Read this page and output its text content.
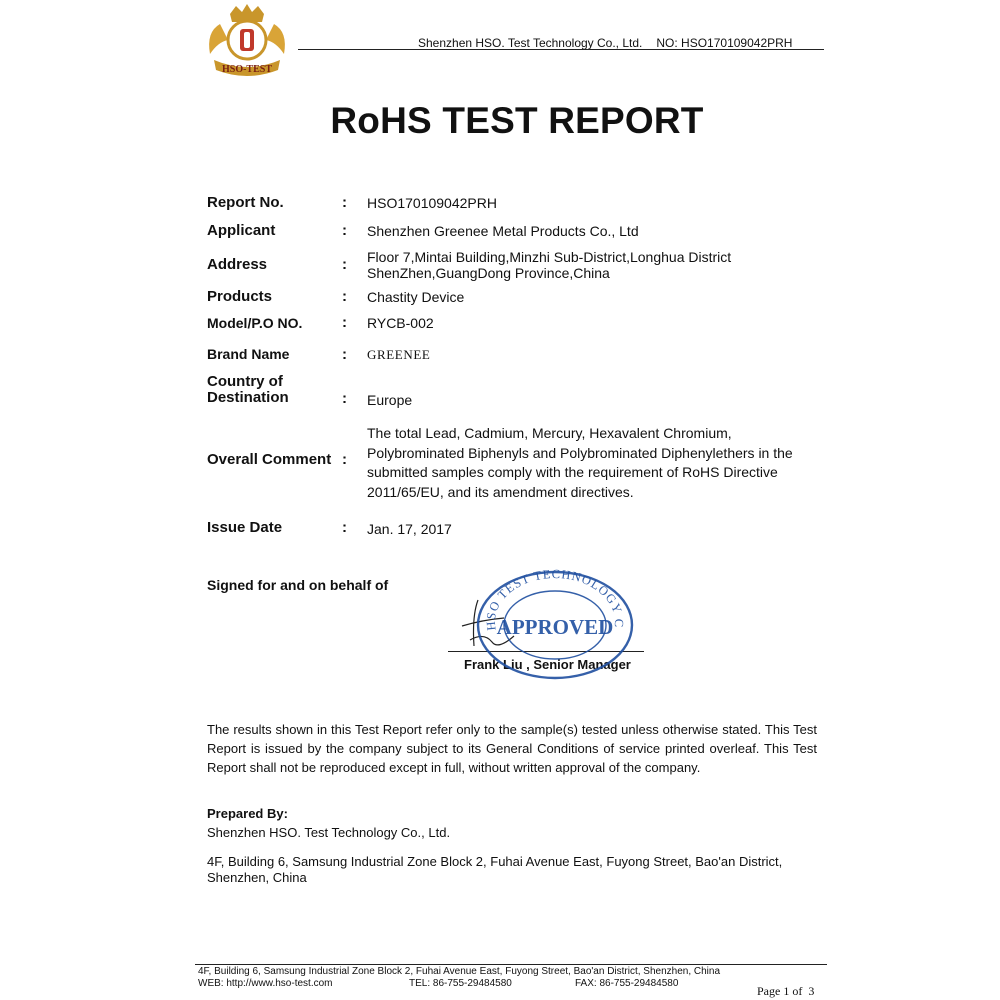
HSO-TEST
Shenzhen HSO. Test Technology Co., Ltd. NO: HSO170109042PRH
RoHS TEST REPORT
Report No.	: HSO170109042PRH
Applicant	: Shenzhen Greenee Metal Products Co., Ltd
Address	: Floor 7,Mintai Building,Minzhi Sub-District,Longhua District
ShenZhen,GuangDong Province,China
Products	: Chastity Device
Model/P.O NO.	: RYCB-002
Brand Name	: GREENEE
Country of
Destination	: Europe
Overall Comment :
The total Lead, Cadmium, Mercury, Hexavalent Chromium, Polybrominated Biphenyls and Polybrominated Diphenylethers in the submitted samples comply with the requirement of RoHS Directive 2011/65/EU, and its amendment directives.
Issue Date	: Jan. 17, 2017
Signed for and on behalf of
Frank Liu , Senior Manager
HSO TEST TECHNOLOGY C
APPROVED
The results shown in this Test Report refer only to the sample(s) tested unless otherwise stated. This Test Report is issued by the company subject to its General Conditions of service printed overleaf. This Test Report shall not be reproduced except in full, without written approval of the company.
Prepared By:
Shenzhen HSO. Test Technology Co., Ltd.
4F, Building 6, Samsung Industrial Zone Block 2, Fuhai Avenue East, Fuyong Street, Bao'an District,
Shenzhen, China
4F, Building 6, Samsung Industrial Zone Block 2, Fuhai Avenue East, Fuyong Street, Bao'an District, Shenzhen, China
WEB: http://www.hso-test.com	TEL: 86-755-29484580	FAX: 86-755-29484580
Page 1 of 3
